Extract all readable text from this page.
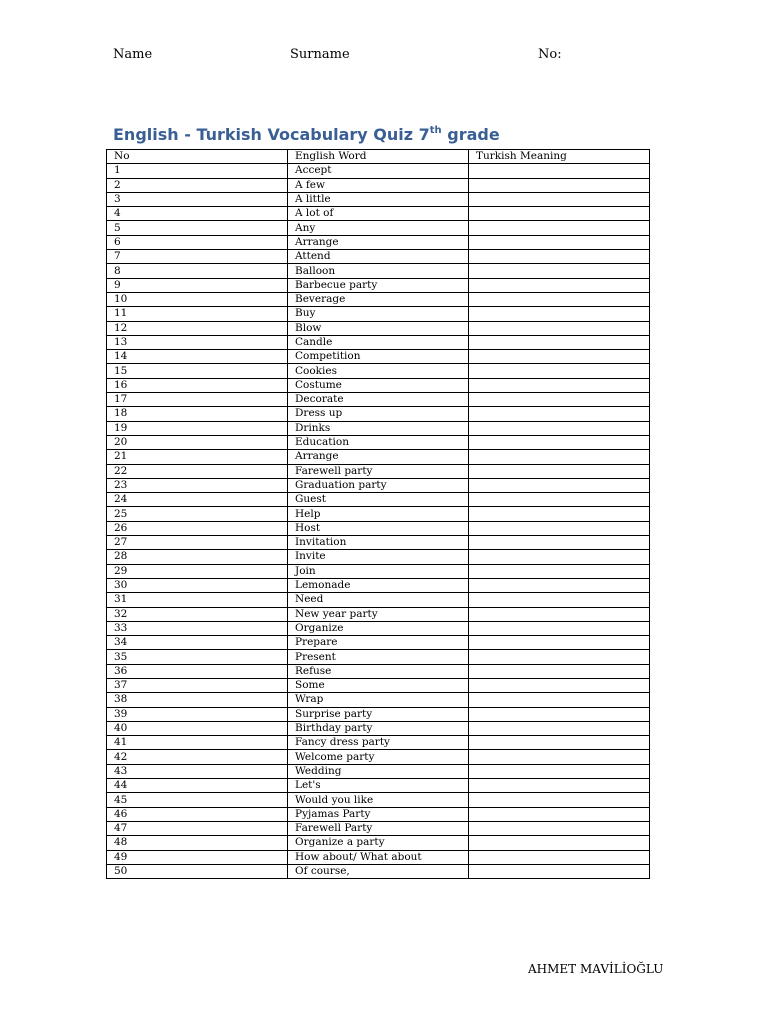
Name	Surname	No:
English - Turkish Vocabulary Quiz 7th grade
No	English Word	Turkish Meaning
1	Accept	
2	A few	
3	A little	
4	A lot of	
5	Any	
6	Arrange	
7	Attend	
8	Balloon	
9	Barbecue party	
10	Beverage	
11	Buy	
12	Blow	
13	Candle	
14	Competition	
15	Cookies	
16	Costume	
17	Decorate	
18	Dress up	
19	Drinks	
20	Education	
21	Arrange	
22	Farewell party	
23	Graduation party	
24	Guest	
25	Help	
26	Host	
27	Invitation	
28	Invite	
29	Join	
30	Lemonade	
31	Need	
32	New year party	
33	Organize	
34	Prepare	
35	Present	
36	Refuse	
37	Some	
38	Wrap	
39	Surprise party	
40	Birthday party	
41	Fancy dress party	
42	Welcome party	
43	Wedding	
44	Let's	
45	Would you like	
46	Pyjamas Party	
47	Farewell Party	
48	Organize a party	
49	How about/ What about	
50	Of course,	
AHMET MAVİLİOĞLU
